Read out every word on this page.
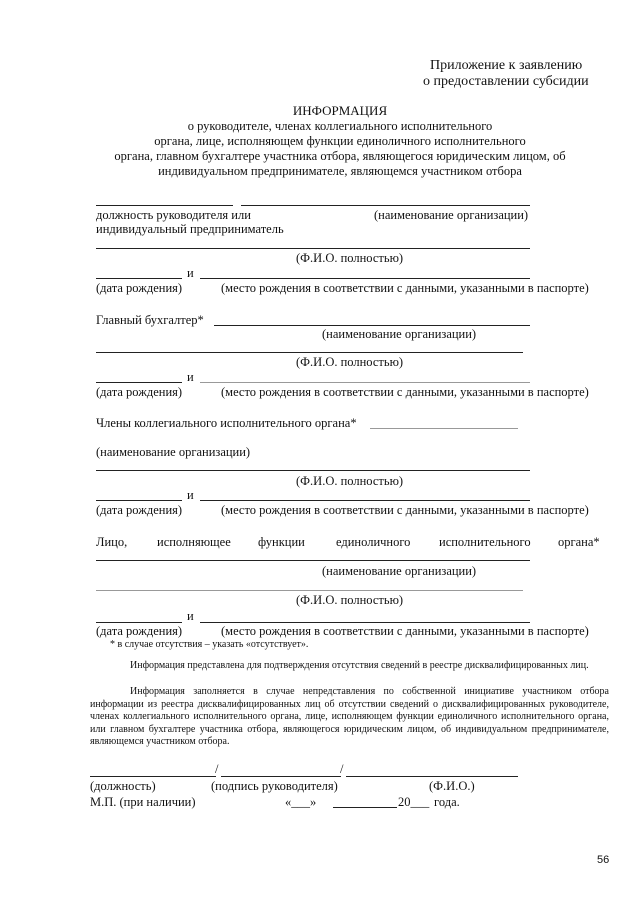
Приложение к заявлению
о предоставлении субсидии
ИНФОРМАЦИЯ
о руководителе, членах коллегиального исполнительного
органа, лице, исполняющем функции единоличного исполнительного
органа, главном бухгалтере участника отбора, являющегося юридическим лицом, об
индивидуальном предпринимателе, являющемся участником отбора
должность руководителя или	(наименование организации)
индивидуальный предприниматель
(Ф.И.О. полностью)
и
(дата рождения)	(место рождения в соответствии с данными, указанными в паспорте)
Главный бухгалтер*
(наименование организации)
(Ф.И.О. полностью)
и
(дата рождения)	(место рождения в соответствии с данными, указанными в паспорте)
Члены коллегиального исполнительного органа*
(наименование организации)
(Ф.И.О. полностью)
и
(дата рождения)	(место рождения в соответствии с данными, указанными в паспорте)
Лицо, исполняющее функции единоличного исполнительного органа*
(наименование организации)
(Ф.И.О. полностью)
и
(дата рождения)	(место рождения в соответствии с данными, указанными в паспорте)
* в случае отсутствия – указать «отсутствует».
Информация представлена для подтверждения отсутствия сведений в реестре дисквалифицированных лиц.
Информация заполняется в случае непредставления по собственной инициативе участником отбора информации из реестра дисквалифицированных лиц об отсутствии сведений о дисквалифицированных руководителе, членах коллегиального исполнительного органа, лице, исполняющем функции единоличного исполнительного органа, или главном бухгалтере участника отбора, являющегося юридическим лицом, об индивидуальном предпринимателе, являющемся участником отбора.
/	/
(должность)	(подпись руководителя)	(Ф.И.О.)
М.П. (при наличии)	«___»	20___ года.
56
